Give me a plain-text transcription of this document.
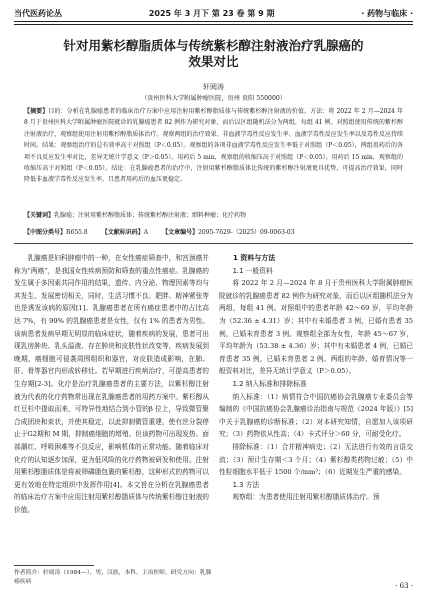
当代医药论丛	2025 年 3 月下 第 23 卷 第 9 期	· 药物与临床 ·
针对用紫杉醇脂质体与传统紫杉醇注射液治疗乳腺癌的
效果对比
轩阅涛
（贵州医科大学附属肿瘤医院，贵州 贵阳 550000）
【摘要】目的：分析在乳腺癌患者的临床治疗方案中应用注射用紫杉醇脂质体与传统紫杉醇注射液的价值。方法：将 2022 年 2 月—2024 年 8 月于贵州医科大学附属肿瘤医院就诊的乳腺癌患者 82 例作为研究对象，而后以区组随机法分为两组，每组 41 例。对照组使用传统的紫杉醇注射液治疗，观察组使用注射用紫杉醇脂质体治疗。观察两组的治疗效果、非血液学毒性反应发生率、血液学毒性反应发生率以及毒性反应持续时间。结果：观察组治疗的总有效率高于对照组（P＜0.05）。观察组的各项非血液学毒性反应发生率低于对照组（P＜0.05），两组用药后的各项不良反应发生率对比，差异无统计学意义（P＞0.05）。用药后 5 min，观察组的收缩压高于对照组（P＜0.05）。用药后 15 min，观察组的收缩压高于对照组（P＜0.05）。结论：在乳腺癌患者的治疗中，注射用紫杉醇脂质体比传统的紫杉醇注射液更具优势，可提高治疗效果，同时降低非血液学毒性反应发生率，且患者用药后的血压更稳定。
【关键词】乳腺癌；注射用紫杉醇脂质体；传统紫杉醇注射液；细料种瘤；化疗药物
【中图分类号】R655.8 【文献标识码】A 【文章编号】2095-7629-（2025）09-0063-03

乳腺癌是妇科肿瘤中的一种，在女性癌症筛查中，和宫颈癌并称为“两癌”，是我国女性疾病预防和筛查的重点性癌症。乳腺癌的发生属于多因素共同作用的结果，遗传、内分泌、物理因素等均与其发生、发展密切相关，同时，生活习惯不良、肥胖、精神紧张等也是诱发该病的原因[1]。乳腺癌患者在所有癌症患者中的占比高达 7%，有 99% 的乳腺癌患者是女性，仅有 1% 的患者为男性。该病患者发病早期无明显的临床症状，随着疾病的发展，患者可出现乳房肿块、乳头溢液、存在肿块和皮肤性状改变等，疾病发展到晚期，癌细胞可侵袭周围组织和器官，对皮肤造成影响，在肺、肝、骨等器官内形成转移灶。若早期进行疾病治疗，可提高患者的生存期[2-3]。化疗是治疗乳腺癌患者的主要方法，以紫杉醇注射液为代表的化疗药物常出现在乳腺癌患者的用药方案中。紫杉醇从红豆杉中提取而来，可特异性地结合到小管的β 位上，导致微管聚合成团块和束状，并使其稳定，以此抑制微管重建，使有丝分裂停止于G2期和 M 期，抑制癌细胞的增殖。但该药物可出现发热、面部潮红、呼吸困难等不良反应，影响机体的正常功能。随着临床对化疗的认知逐步加深，更为低风险的化疗药物被研发和使用。注射用紫杉醇脂质体是将被卵磷脂包裹的紫杉醇，这种形式的药物可以更有效地在特定组织中发挥作用[4]。本文旨在分析在乳腺癌患者的临床治疗方案中应用注射用紫杉醇脂质体与传统紫杉醇注射液的价值。

1 资料与方法

1.1 一般资料

将 2022 年 2 月—2024 年 8 月于贵州医科大学附属肿瘤医院就诊的乳腺癌患者 82 例作为研究对象，而后以区组随机法分为两组，每组 41 例。对照组中的患者年龄 42～69 岁，平均年龄为（52.36 ± 4.31）岁；其中有未婚患者 3 例，已婚有患者 35 例，已婚未育患者 3 例。观察组全部为女性，年龄 45～67 岁，平均年龄为（53.38 ± 4.36）岁；其中有未婚患者 4 例，已婚已育患者 35 例，已婚未育患者 2 例。两组的年龄、婚育情况等一般资料对比，差异无统计学意义（P＞0.05）。

1.2 纳入标准和排除标准

纳入标准：（1）病情符合中国抗癌协会乳腺癌专业委员会等编制的《中国抗癌协会乳腺癌诊治指南与规范（2024 年版）》[5] 中关于乳腺癌的诊断标准；（2）对本研究知情，自愿加入该项研究；（3）药物依从性高；（4）卡式评分＞60 分，可耐受化疗。

排除标准：（1）合并精神病史；（2）无法进行有效的言语交流；（3）预计生存期＜3 个月；（4）紫杉醇类药物过敏；（5）中性粒细胞水平低于 1500 个/mm³；（6）近期发生严重的感染。

1.3 方法

观察组：为患者使用注射用紫杉醇脂质体治疗。预

作者简介：轩阅涛（1984—），男，汉族，本科，主治医师，研究方向：乳腺癌疾病	· 63 ·
